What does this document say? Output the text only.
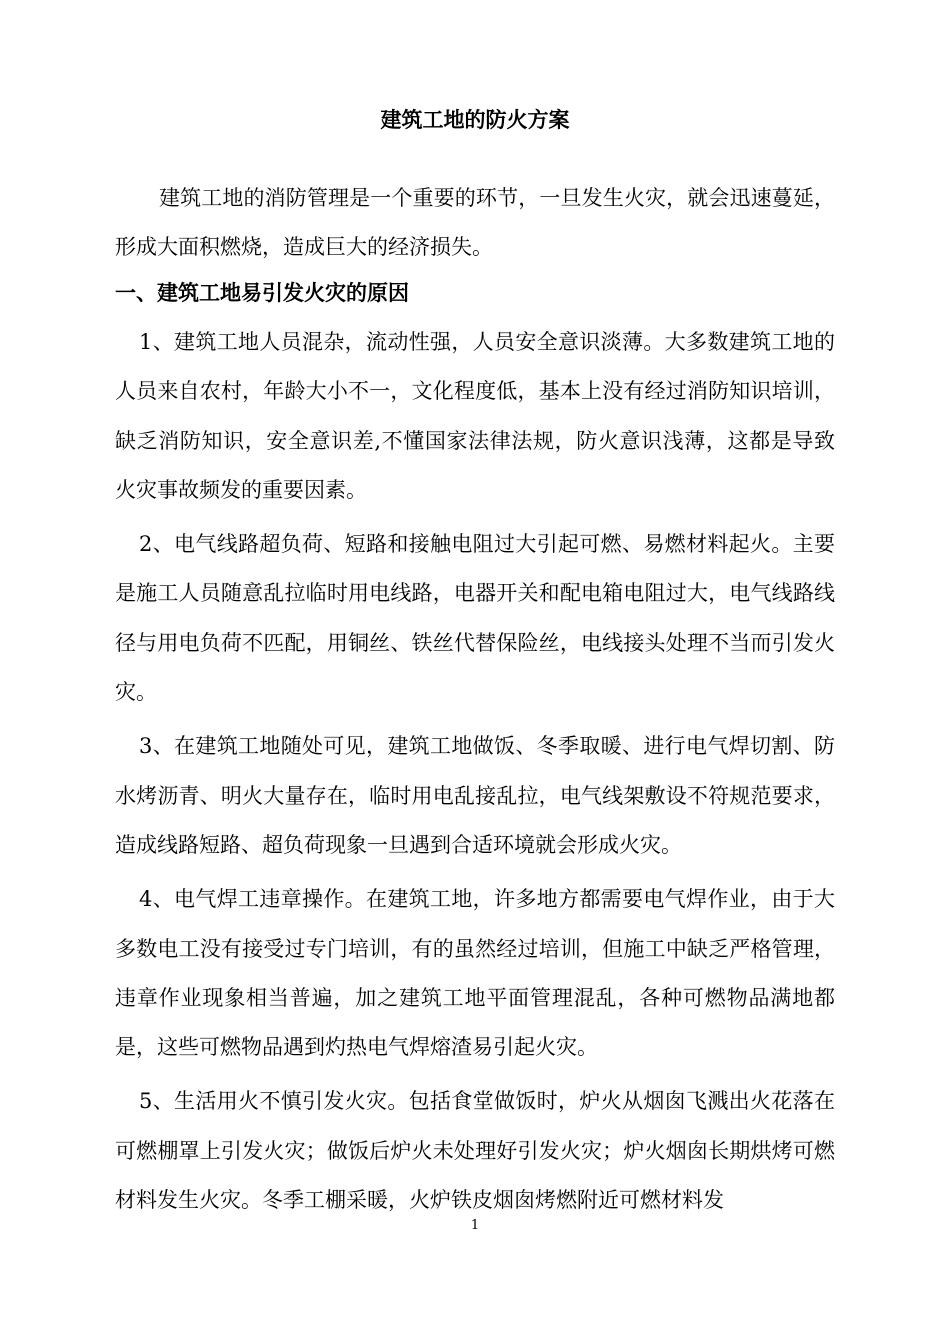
建筑工地的防火方案

建筑工地的消防管理是一个重要的环节，一旦发生火灾，就会迅速蔓延，形成大面积燃烧，造成巨大的经济损失。

一、建筑工地易引发火灾的原因

1、建筑工地人员混杂，流动性强，人员安全意识淡薄。大多数建筑工地的人员来自农村，年龄大小不一，文化程度低，基本上没有经过消防知识培训，缺乏消防知识，安全意识差,不懂国家法律法规，防火意识浅薄，这都是导致火灾事故频发的重要因素。

2、电气线路超负荷、短路和接触电阻过大引起可燃、易燃材料起火。主要是施工人员随意乱拉临时用电线路，电器开关和配电箱电阻过大，电气线路线径与用电负荷不匹配，用铜丝、铁丝代替保险丝，电线接头处理不当而引发火灾。

3、在建筑工地随处可见，建筑工地做饭、冬季取暖、进行电气焊切割、防水烤沥青、明火大量存在，临时用电乱接乱拉，电气线架敷设不符规范要求，造成线路短路、超负荷现象一旦遇到合适环境就会形成火灾。

4、电气焊工违章操作。在建筑工地，许多地方都需要电气焊作业，由于大多数电工没有接受过专门培训，有的虽然经过培训，但施工中缺乏严格管理，违章作业现象相当普遍，加之建筑工地平面管理混乱，各种可燃物品满地都是，这些可燃物品遇到灼热电气焊熔渣易引起火灾。

5、生活用火不慎引发火灾。包括食堂做饭时，炉火从烟囱飞溅出火花落在可燃棚罩上引发火灾；做饭后炉火未处理好引发火灾；炉火烟囱长期烘烤可燃材料发生火灾。冬季工棚采暖，火炉铁皮烟囱烤燃附近可燃材料发

1
